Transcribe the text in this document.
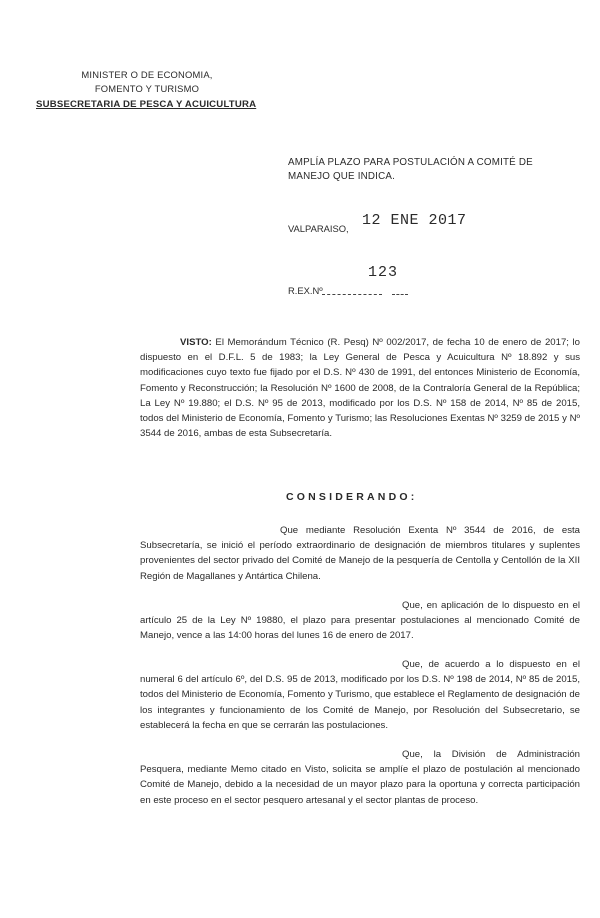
MINISTER O DE ECONOMIA,
FOMENTO Y TURISMO
SUBSECRETARIA DE PESCA Y ACUICULTURA
AMPLÍA PLAZO PARA POSTULACIÓN A COMITÉ DE
MANEJO QUE INDICA.
VALPARAISO, 12 ENE 2017
123
R.EX.Nº
VISTO: El Memorándum Técnico (R. Pesq) Nº 002/2017, de fecha 10 de enero de 2017; lo dispuesto en el D.F.L. 5 de 1983; la Ley General de Pesca y Acuicultura Nº 18.892 y sus modificaciones cuyo texto fue fijado por el D.S. Nº 430 de 1991, del entonces Ministerio de Economía, Fomento y Reconstrucción; la Resolución Nº 1600 de 2008, de la Contraloría General de la República; La Ley Nº 19.880; el D.S. Nº 95 de 2013, modificado por los D.S. Nº 158 de 2014, Nº 85 de 2015, todos del Ministerio de Economía, Fomento y Turismo; las Resoluciones Exentas Nº 3259 de 2015 y Nº 3544 de 2016, ambas de esta Subsecretaría.
CONSIDERANDO:
Que mediante Resolución Exenta Nº 3544 de 2016, de esta Subsecretaría, se inició el período extraordinario de designación de miembros titulares y suplentes provenientes del sector privado del Comité de Manejo de la pesquería de Centolla y Centollón de la XII Región de Magallanes y Antártica Chilena.
Que, en aplicación de lo dispuesto en el artículo 25 de la Ley Nº 19880, el plazo para presentar postulaciones al mencionado Comité de Manejo, vence a las 14:00 horas del lunes 16 de enero de 2017.
Que, de acuerdo a lo dispuesto en el numeral 6 del artículo 6º, del D.S. 95 de 2013, modificado por los D.S. Nº 198 de 2014, Nº 85 de 2015, todos del Ministerio de Economía, Fomento y Turismo, que establece el Reglamento de designación de los integrantes y funcionamiento de los Comité de Manejo, por Resolución del Subsecretario, se establecerá la fecha en que se cerrarán las postulaciones.
Que, la División de Administración Pesquera, mediante Memo citado en Visto, solicita se amplíe el plazo de postulación al mencionado Comité de Manejo, debido a la necesidad de un mayor plazo para la oportuna y correcta participación en este proceso en el sector pesquero artesanal y el sector plantas de proceso.
